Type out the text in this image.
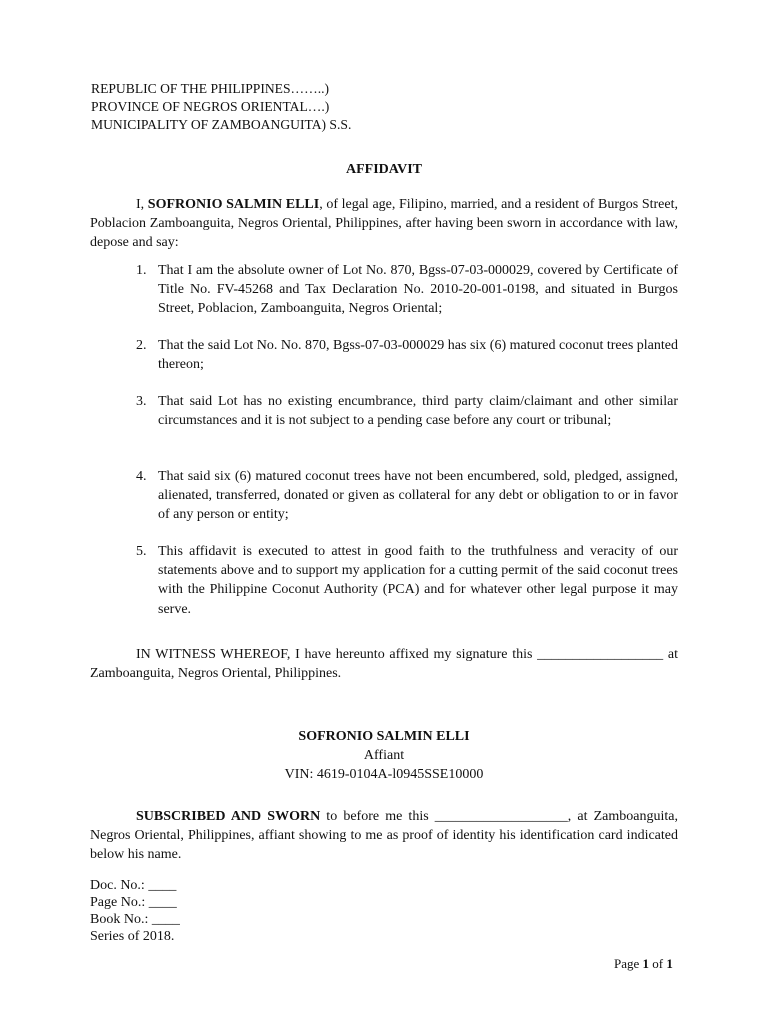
REPUBLIC OF THE PHILIPPINES……..)
PROVINCE OF NEGROS ORIENTAL….)
MUNICIPALITY OF ZAMBOANGUITA) S.S.
AFFIDAVIT
I, SOFRONIO SALMIN ELLI, of legal age, Filipino, married, and a resident of Burgos Street, Poblacion Zamboanguita, Negros Oriental, Philippines, after having been sworn in accordance with law, depose and say:
1. That I am the absolute owner of Lot No. 870, Bgss-07-03-000029, covered by Certificate of Title No. FV-45268 and Tax Declaration No. 2010-20-001-0198, and situated in Burgos Street, Poblacion, Zamboanguita, Negros Oriental;
2. That the said Lot No. No. 870, Bgss-07-03-000029 has six (6) matured coconut trees planted thereon;
3. That said Lot has no existing encumbrance, third party claim/claimant and other similar circumstances and it is not subject to a pending case before any court or tribunal;
4. That said six (6) matured coconut trees have not been encumbered, sold, pledged, assigned, alienated, transferred, donated or given as collateral for any debt or obligation to or in favor of any person or entity;
5. This affidavit is executed to attest in good faith to the truthfulness and veracity of our statements above and to support my application for a cutting permit of the said coconut trees with the Philippine Coconut Authority (PCA) and for whatever other legal purpose it may serve.
IN WITNESS WHEREOF, I have hereunto affixed my signature this __________________ at Zamboanguita, Negros Oriental, Philippines.
SOFRONIO SALMIN ELLI
Affiant
VIN: 4619-0104A-l0945SSE10000
SUBSCRIBED AND SWORN to before me this ___________________, at Zamboanguita, Negros Oriental, Philippines, affiant showing to me as proof of identity his identification card indicated below his name.
Doc. No.: ____
Page No.: ____
Book No.: ____
Series of 2018.
Page 1 of 1
